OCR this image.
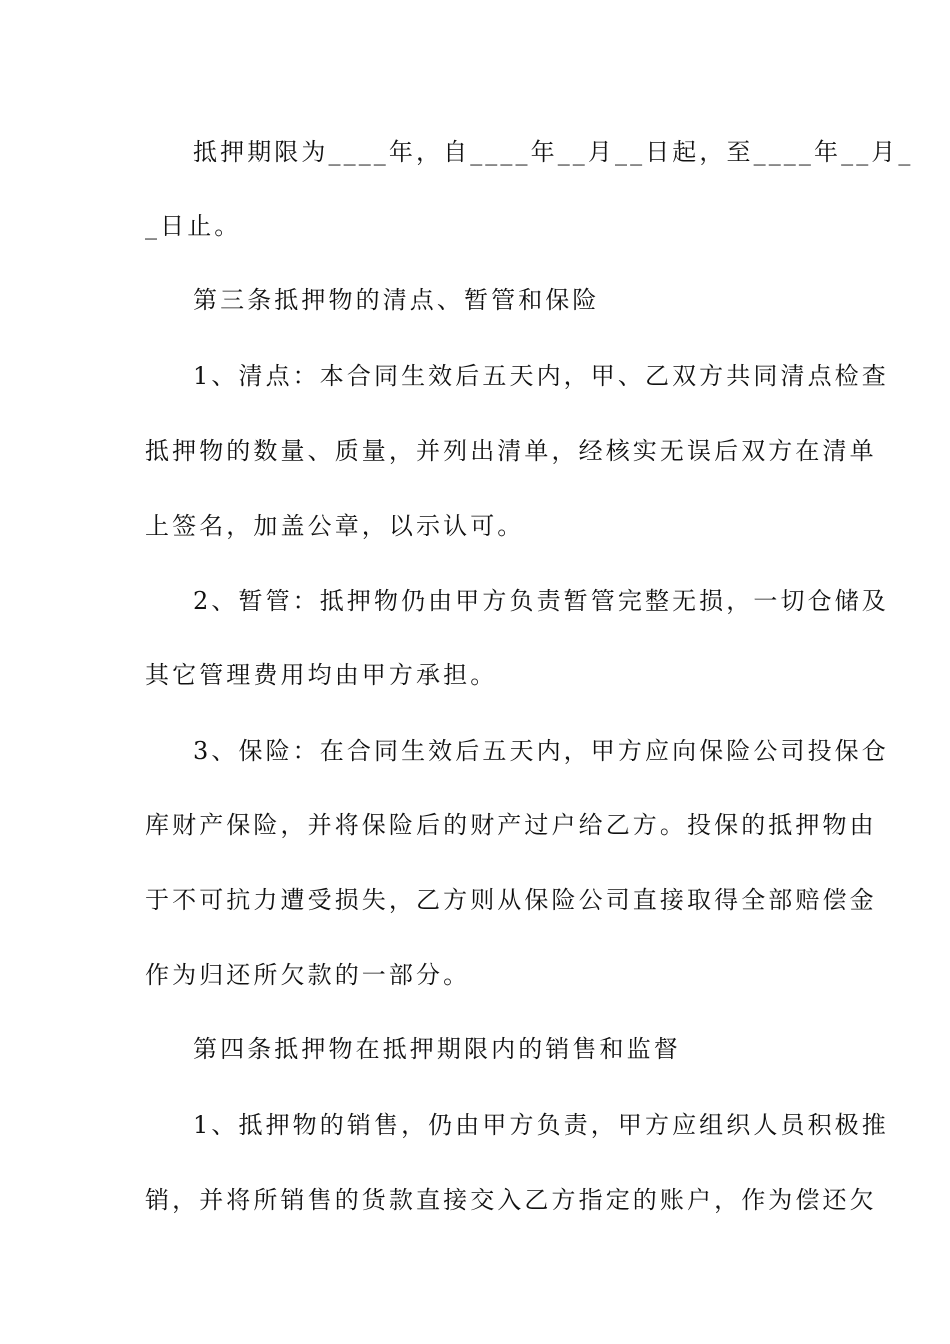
抵押期限为____年，自____年__月__日起，至____年__月_
_日止。
第三条抵押物的清点、暂管和保险
1、清点：本合同生效后五天内，甲、乙双方共同清点检查
抵押物的数量、质量，并列出清单，经核实无误后双方在清单
上签名，加盖公章，以示认可。
2、暂管：抵押物仍由甲方负责暂管完整无损，一切仓储及
其它管理费用均由甲方承担。
3、保险：在合同生效后五天内，甲方应向保险公司投保仓
库财产保险，并将保险后的财产过户给乙方。投保的抵押物由
于不可抗力遭受损失，乙方则从保险公司直接取得全部赔偿金
作为归还所欠款的一部分。
第四条抵押物在抵押期限内的销售和监督
1、抵押物的销售，仍由甲方负责，甲方应组织人员积极推
销，并将所销售的货款直接交入乙方指定的账户，作为偿还欠
